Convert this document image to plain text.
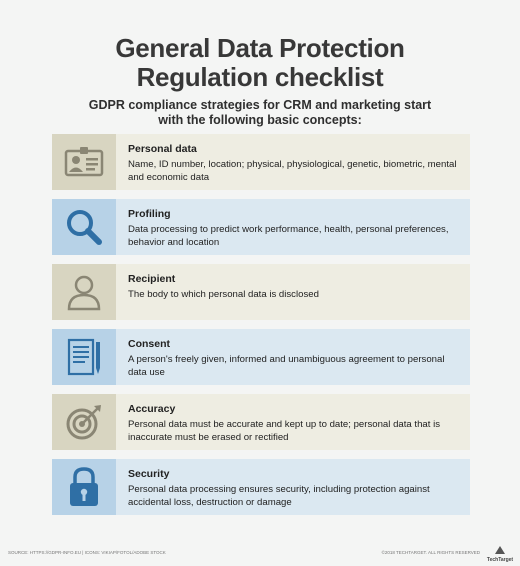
General Data Protection
Regulation checklist
GDPR compliance strategies for CRM and marketing start
with the following basic concepts:
Personal data
Name, ID number, location; physical, physiological, genetic, biometric, mental and economic data
Profiling
Data processing to predict work performance, health, personal preferences, behavior and location
Recipient
The body to which personal data is disclosed
Consent
A person's freely given, informed and unambiguous agreement to personal data use
Accuracy
Personal data must be accurate and kept up to date; personal data that is inaccurate must be erased or rectified
Security
Personal data processing ensures security, including protection against accidental loss, destruction or damage
SOURCE: HTTPS://GDPR-INFO.EU | ICONS: VIKIAP/FOTOL/ADOBE STOCK	©2018 TECHTARGET. ALL RIGHTS RESERVED
TechTarget
